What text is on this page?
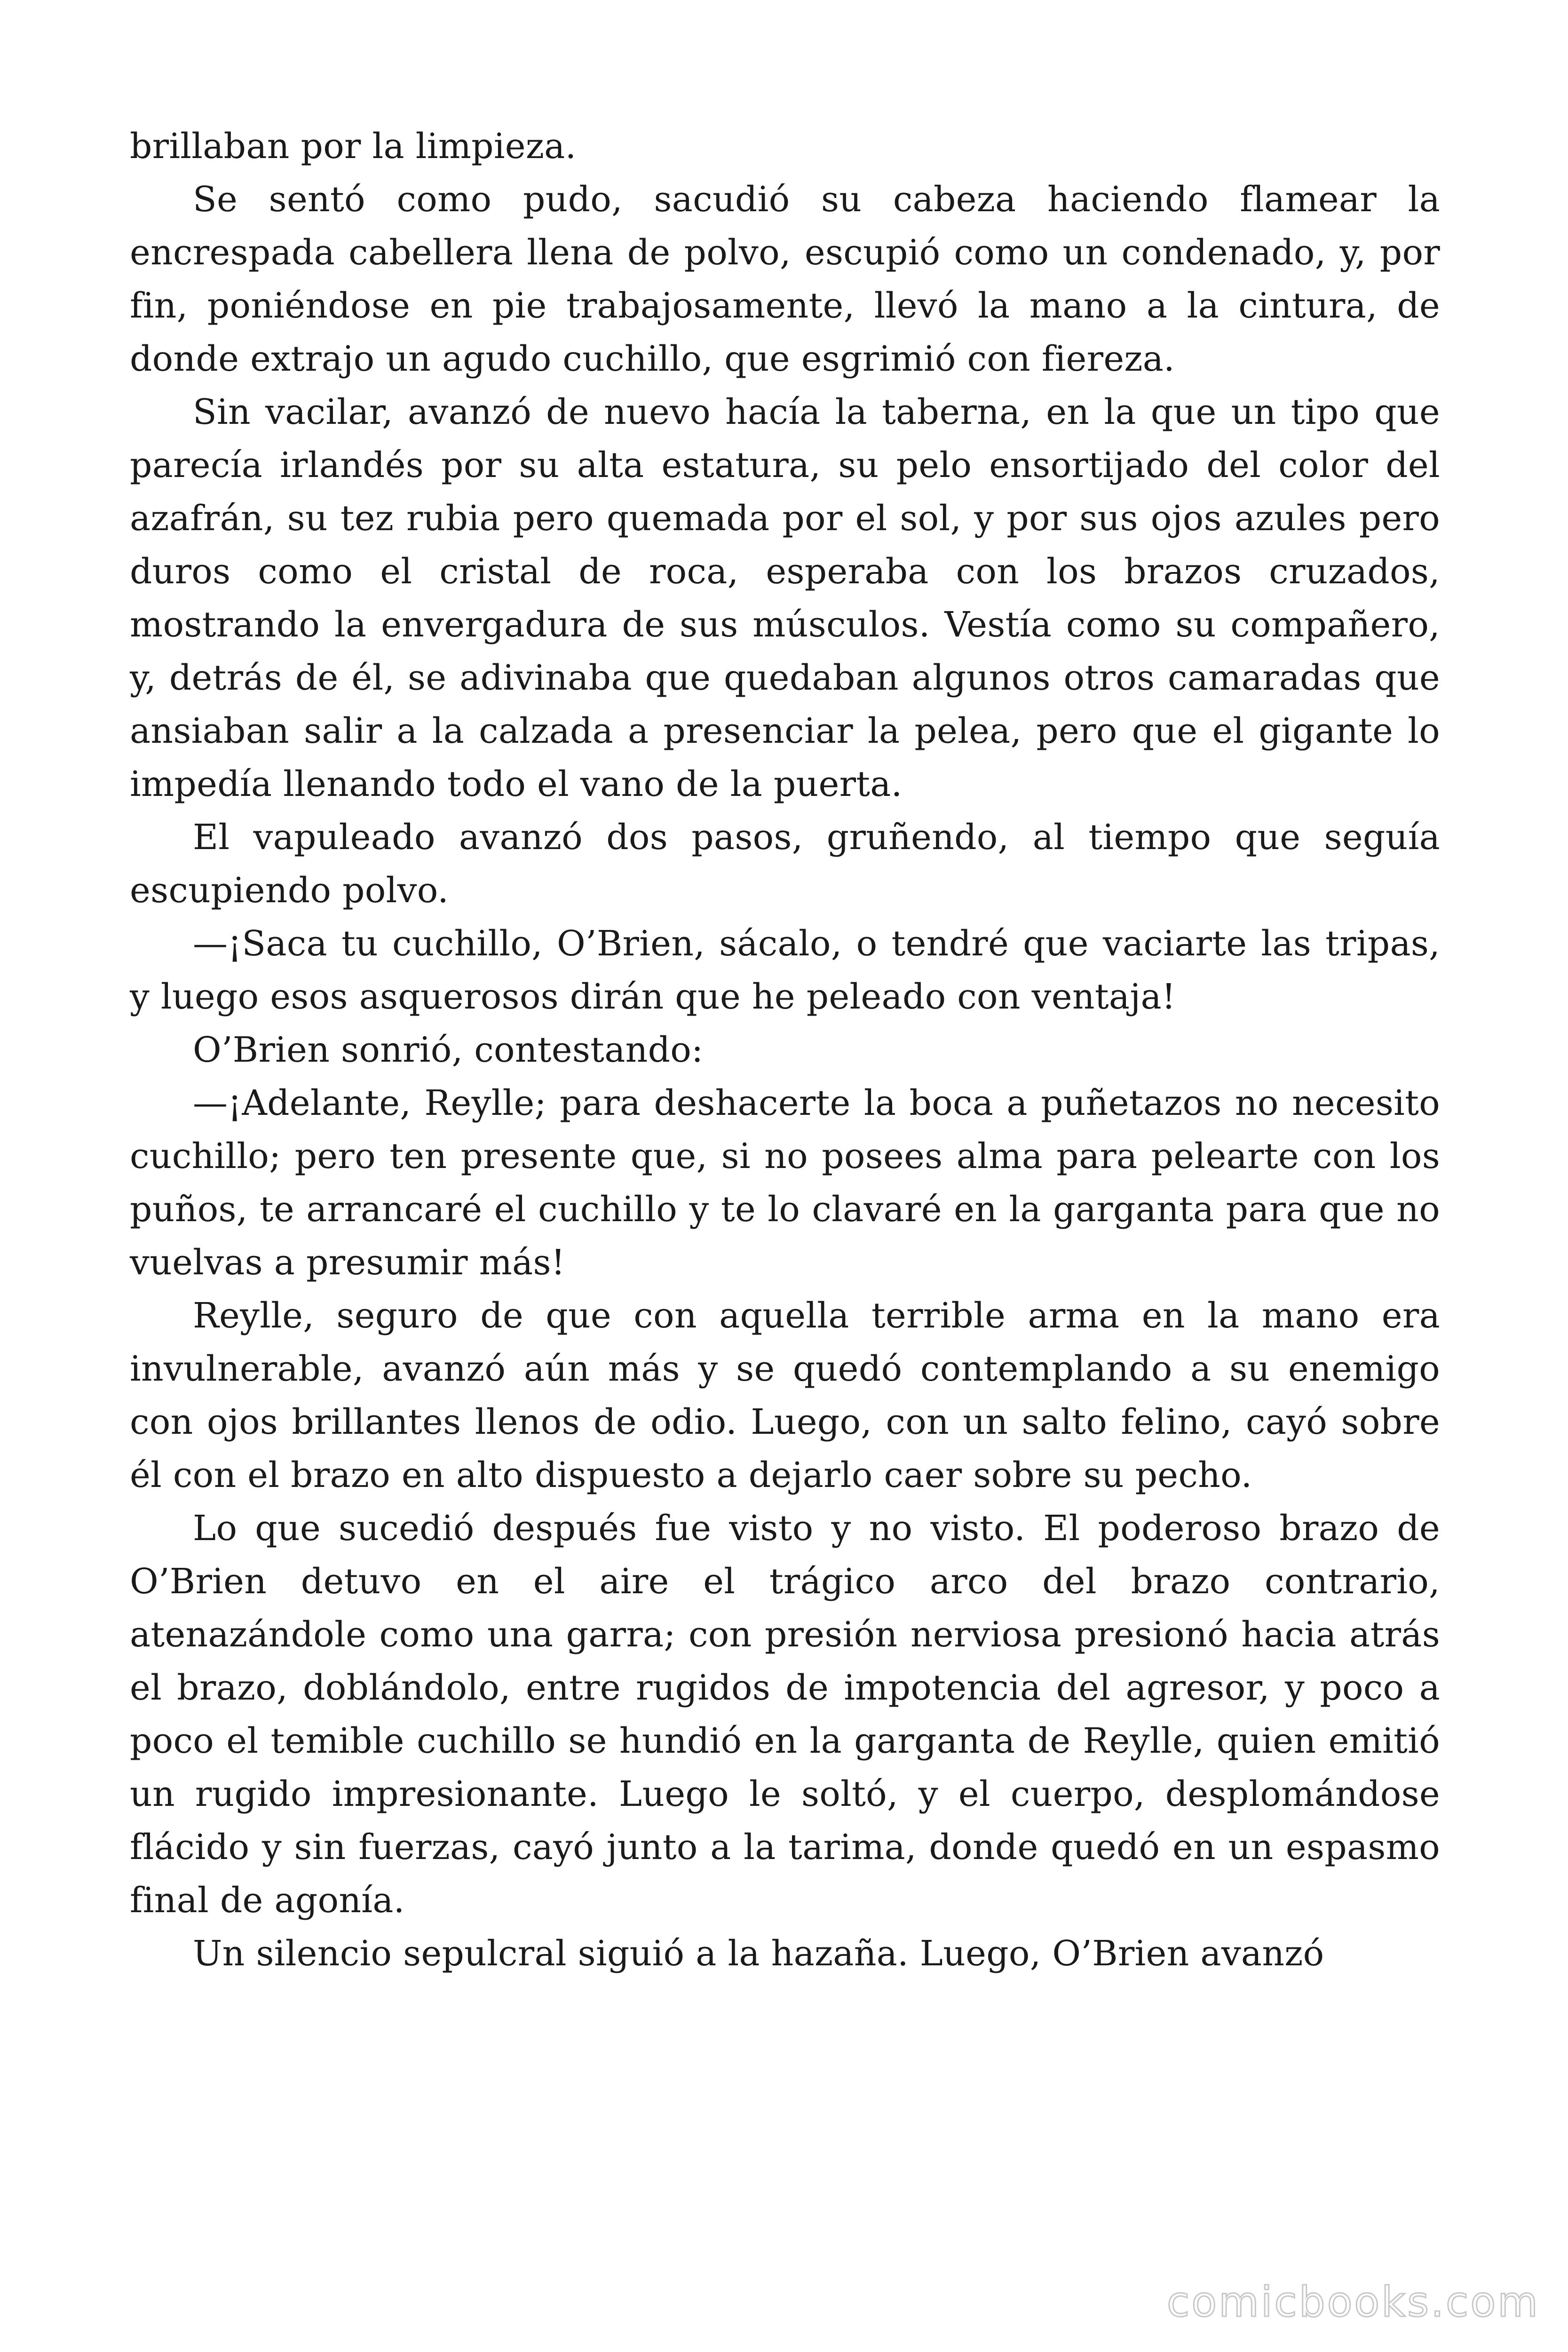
brillaban por la limpieza.

Se sentó como pudo, sacudió su cabeza haciendo flamear la encrespada cabellera llena de polvo, escupió como un condenado, y, por fin, poniéndose en pie trabajosamente, llevó la mano a la cintura, de donde extrajo un agudo cuchillo, que esgrimió con fiereza.

Sin vacilar, avanzó de nuevo hacía la taberna, en la que un tipo que parecía irlandés por su alta estatura, su pelo ensortijado del color del azafrán, su tez rubia pero quemada por el sol, y por sus ojos azules pero duros como el cristal de roca, esperaba con los brazos cruzados, mostrando la envergadura de sus músculos. Vestía como su compañero, y, detrás de él, se adivinaba que quedaban algunos otros camaradas que ansiaban salir a la calzada a presenciar la pelea, pero que el gigante lo impedía llenando todo el vano de la puerta.

El vapuleado avanzó dos pasos, gruñendo, al tiempo que seguía escupiendo polvo.

—¡Saca tu cuchillo, O’Brien, sácalo, o tendré que vaciarte las tripas, y luego esos asquerosos dirán que he peleado con ventaja!

O’Brien sonrió, contestando:

—¡Adelante, Reylle; para deshacerte la boca a puñetazos no necesito cuchillo; pero ten presente que, si no posees alma para pelearte con los puños, te arrancaré el cuchillo y te lo clavaré en la garganta para que no vuelvas a presumir más!

Reylle, seguro de que con aquella terrible arma en la mano era invulnerable, avanzó aún más y se quedó contemplando a su enemigo con ojos brillantes llenos de odio. Luego, con un salto felino, cayó sobre él con el brazo en alto dispuesto a dejarlo caer sobre su pecho.

Lo que sucedió después fue visto y no visto. El poderoso brazo de O’Brien detuvo en el aire el trágico arco del brazo contrario, atenazándole como una garra; con presión nerviosa presionó hacia atrás el brazo, doblándolo, entre rugidos de impotencia del agresor, y poco a poco el temible cuchillo se hundió en la garganta de Reylle, quien emitió un rugido impresionante. Luego le soltó, y el cuerpo, desplomándose flácido y sin fuerzas, cayó junto a la tarima, donde quedó en un espasmo final de agonía.

Un silencio sepulcral siguió a la hazaña. Luego, O’Brien avanzó

comicbooks.com
